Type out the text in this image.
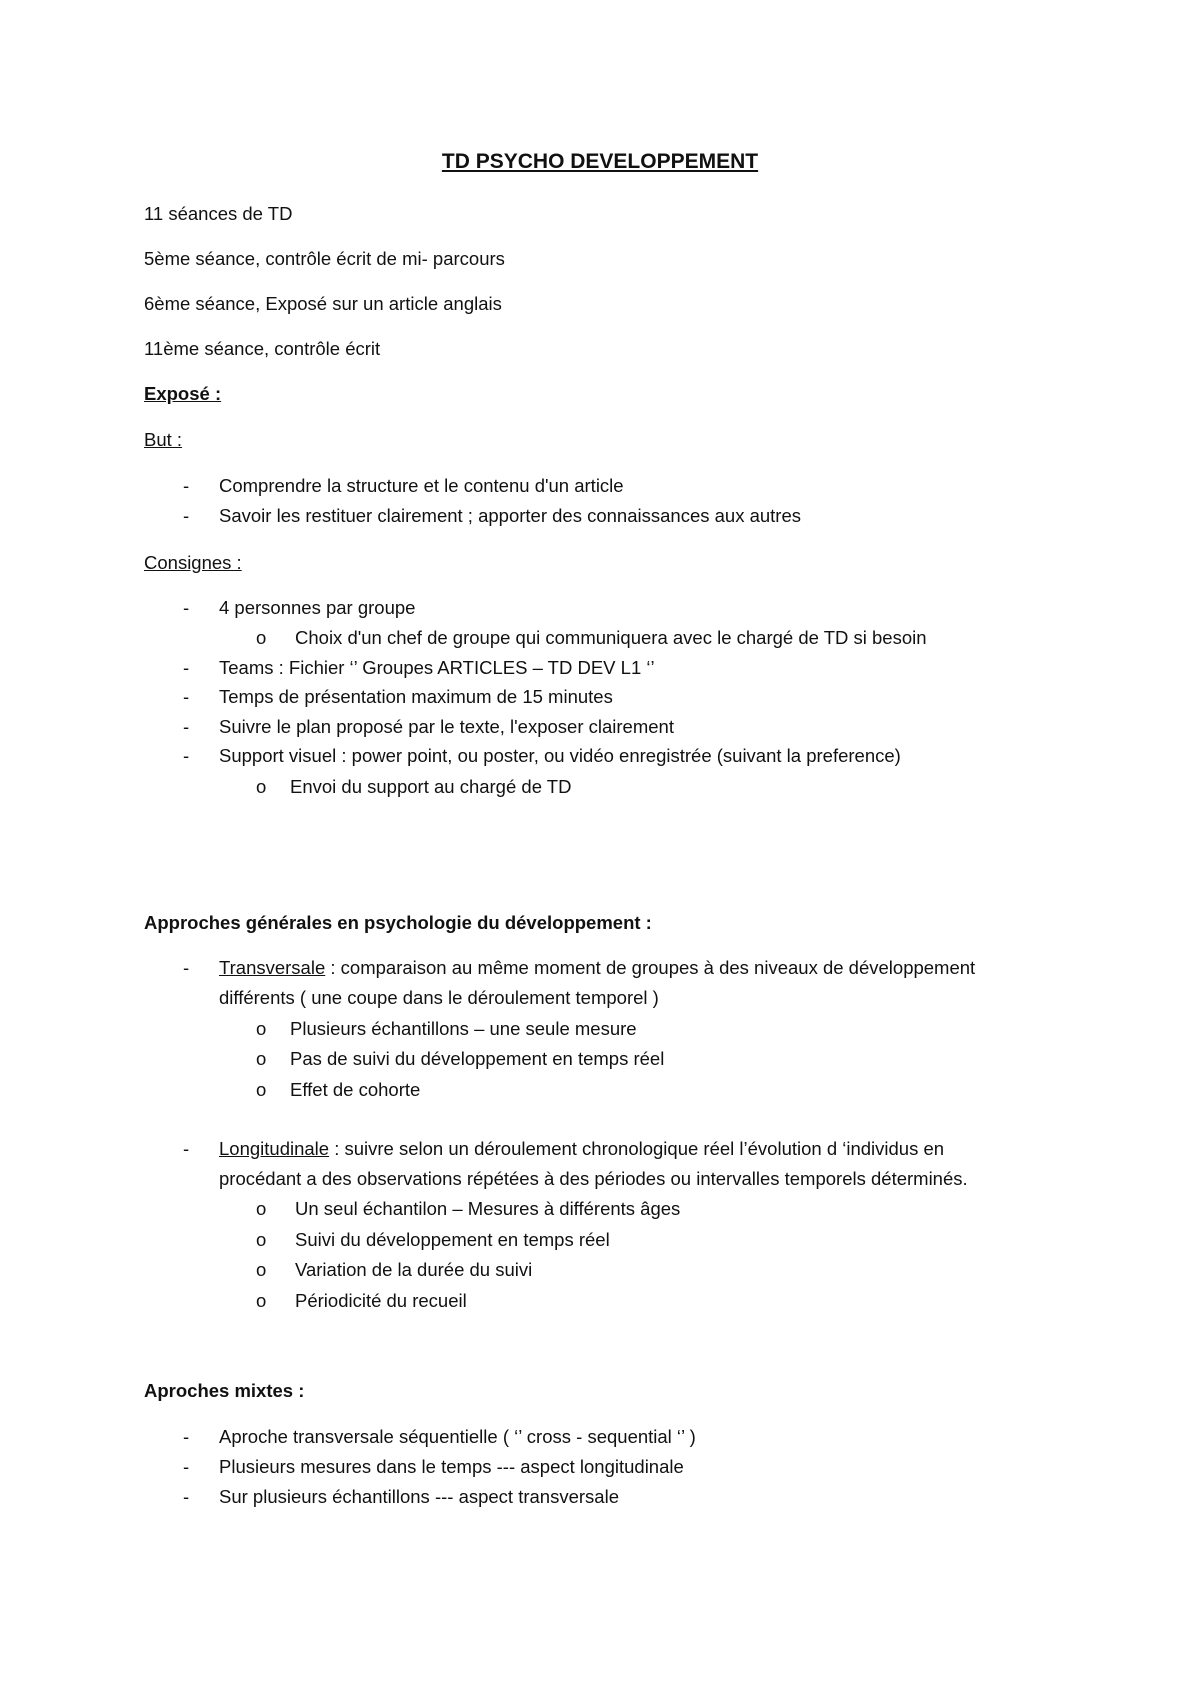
TD PSYCHO DEVELOPPEMENT
11 séances de TD
5ème séance, contrôle écrit de mi- parcours
6ème séance, Exposé sur un article anglais
11ème séance, contrôle écrit
Exposé :
But :
- Comprendre la structure et le contenu d'un article
- Savoir les restituer clairement ; apporter des connaissances aux autres
Consignes :
- 4 personnes par groupe
o Choix d'un chef de groupe qui communiquera avec le chargé de TD si besoin
- Teams : Fichier ‘’ Groupes ARTICLES – TD DEV L1 ‘’
- Temps de présentation maximum de 15 minutes
- Suivre le plan proposé par le texte, l'exposer clairement
- Support visuel : power point, ou poster, ou vidéo enregistrée (suivant la preference)
o Envoi du support au chargé de TD
Approches générales en psychologie du développement :
- Transversale : comparaison au même moment de groupes à des niveaux de développement
différents ( une coupe dans le déroulement temporel )
o Plusieurs échantillons – une seule mesure
o Pas de suivi du développement en temps réel
o Effet de cohorte
- Longitudinale : suivre selon un déroulement chronologique réel l’évolution d ‘individus en
procédant a des observations répétées à des périodes ou intervalles temporels déterminés.
o Un seul échantilon – Mesures à différents âges
o Suivi du développement en temps réel
o Variation de la durée du suivi
o Périodicité du recueil
Aproches mixtes :
- Aproche transversale séquentielle ( ‘’ cross - sequential ‘’ )
- Plusieurs mesures dans le temps --- aspect longitudinale
- Sur plusieurs échantillons --- aspect transversale
